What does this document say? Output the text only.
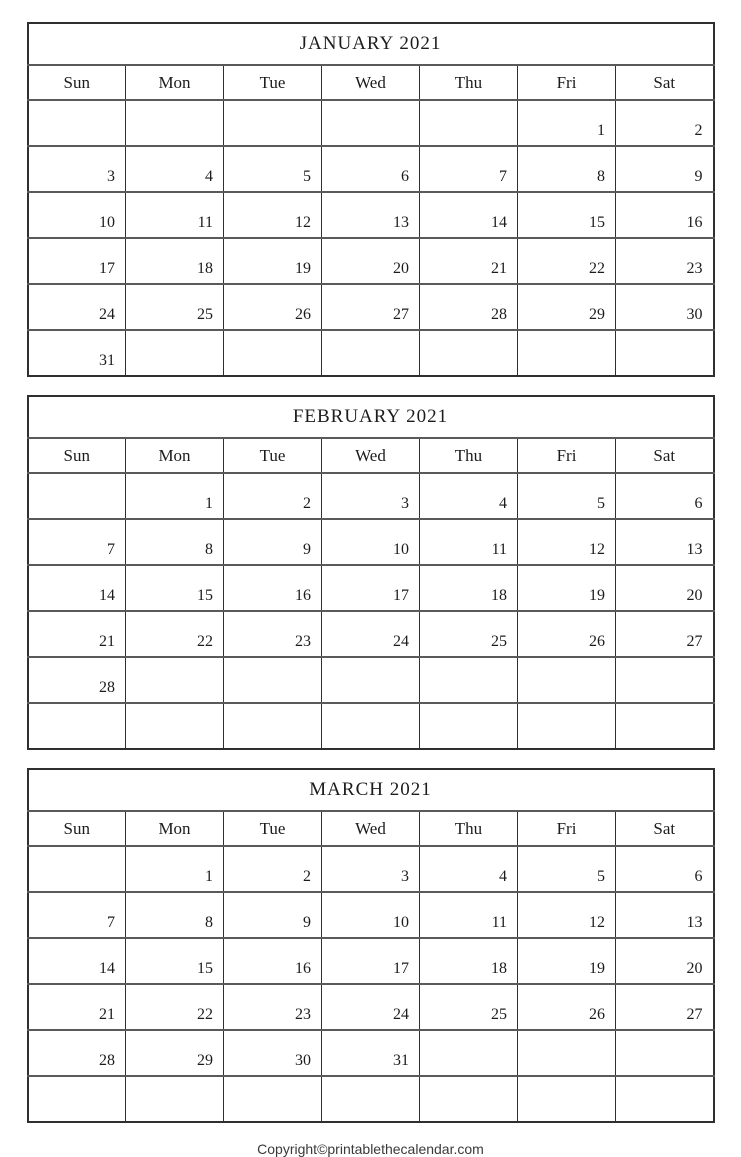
JANUARY 2021						
Sun	Mon	Tue	Wed	Thu	Fri	Sat
					1	2
3	4	5	6	7	8	9
10	11	12	13	14	15	16
17	18	19	20	21	22	23
24	25	26	27	28	29	30
31						
FEBRUARY 2021						
Sun	Mon	Tue	Wed	Thu	Fri	Sat
	1	2	3	4	5	6
7	8	9	10	11	12	13
14	15	16	17	18	19	20
21	22	23	24	25	26	27
28						

MARCH 2021						
Sun	Mon	Tue	Wed	Thu	Fri	Sat
	1	2	3	4	5	6
7	8	9	10	11	12	13
14	15	16	17	18	19	20
21	22	23	24	25	26	27
28	29	30	31			

Copyright©printablethecalendar.com
